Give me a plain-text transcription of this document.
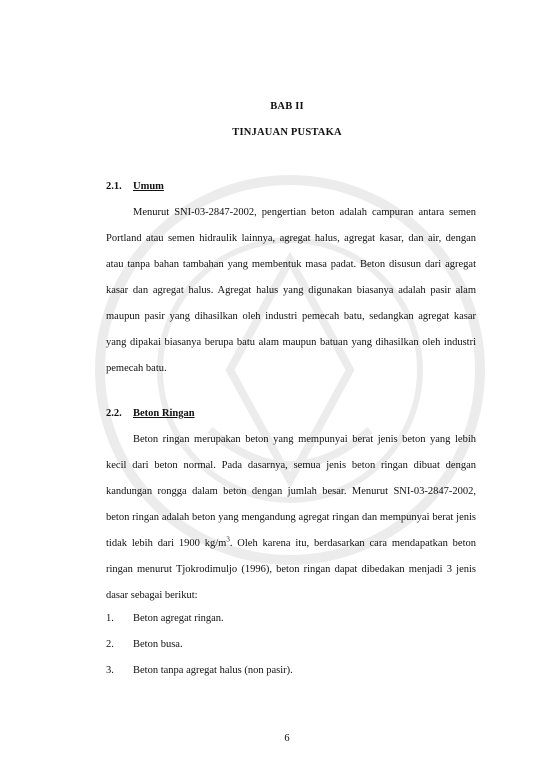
BAB II
TINJAUAN PUSTAKA
2.1. Umum

Menurut SNI-03-2847-2002, pengertian beton adalah campuran antara semen Portland atau semen hidraulik lainnya, agregat halus, agregat kasar, dan air, dengan atau tanpa bahan tambahan yang membentuk masa padat. Beton disusun dari agregat kasar dan agregat halus. Agregat halus yang digunakan biasanya adalah pasir alam maupun pasir yang dihasilkan oleh industri pemecah batu, sedangkan agregat kasar yang dipakai biasanya berupa batu alam maupun batuan yang dihasilkan oleh industri pemecah batu.

2.2. Beton Ringan

Beton ringan merupakan beton yang mempunyai berat jenis beton yang lebih kecil dari beton normal. Pada dasarnya, semua jenis beton ringan dibuat dengan kandungan rongga dalam beton dengan jumlah besar. Menurut SNI-03-2847-2002, beton ringan adalah beton yang mengandung agregat ringan dan mempunyai berat jenis tidak lebih dari 1900 $kg/m^3$. Oleh karena itu, berdasarkan cara mendapatkan beton ringan menurut Tjokrodimuljo (1996), beton ringan dapat dibedakan menjadi 3 jenis dasar sebagai berikut:

1. Beton agregat ringan.
2. Beton busa.
3. Beton tanpa agregat halus (non pasir).
6
